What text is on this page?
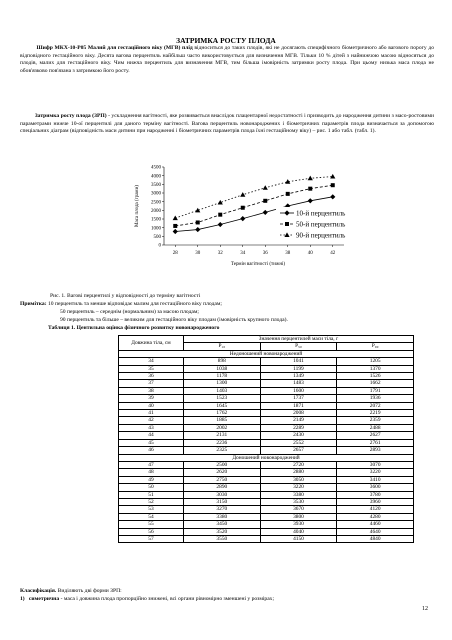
ЗАТРИМКА РОСТУ ПЛОДА
Шифр МКХ-10-Р05 Малий для гестаційного віку (МГВ) плід відноситься до таких плодів, які не досягають специфічного біометричного або вагового порогу до відповідного гестаційного віку. Десята вагова перцентиль найбільш часто використовується для визначення МГВ. Тільки 10 % дітей з найнижчою масою відносяться до плодів, малих для гестаційного віку. Чим нижча перцентиль для визначення МГВ, тим більша імовірність затримки росту плода. При цьому низька маса плода не обов'язково пов'язана з затримкою його росту.
Затримка росту плода (ЗРП) - ускладнення вагітності, яке розвивається внаслідок плацентарної недостатності і призводить до народження дитини з масо-ростовими параметрами нижче 10-ої перцентилі для даного терміну вагітності. Вагова перцентиль новонароджених і біометричних параметрів плода визначається за допомогою спеціальних діаграм (відповідність маси дитини при народженні і біометричних параметрів плода їхні гестаційному віку) – рис. 1 або табл. (табл. 1).
0
500
1000
1500
2000
2500
3000
3500
4000
4500
28	30	32	34	36	38	40	42
Маса плода (грами)
Термін вагітності (тижні)
10-й перцентиль
50-й перцентиль
90-й перцентиль
Рис. 1. Вагові перцентилі у відповідності до терміну вагітності
Примітка: 10 перцентиль та менше відповідає малим для гестаційного віку плодам;
50 перцентиль – середнім (нормальним) за масою плодам;
90 перцентиль та більше – великим для гестаційного віку плодам (імовірність крупного плода).
Таблиця 1. Центильна оцінка фізичного розвитку новонародженого
Довжина тіла, см	Значення перцентилей маси тіла, г		
	P₁₀	P₅₀	P₉₀
Недоношений новонароджений			
34	898	1041	1205
35	1038	1199	1370
36	1178	1349	1526
37	1300	1483	1662
38	1403	1600	1791
39	1523	1737	1936
40	1645	1871	2072
41	1762	2008	2219
42	1885	2149	2359
43	2002	2289	2488
44	2131	2430	2627
45	2236	2552	2761
46	2325	2657	2893
Доношений новонароджений			
47	2500	2720	3070
48	2620	2880	3220
49	2750	3050	3410
50	2890	3220	3600
51	3030	3380	3780
52	3150	3530	3960
53	3270	3670	4120
54	3380	3800	4280
55	3450	3930	4460
56	3520	4040	4640
57	3550	4150	4840
Класифікація. Виділяють дві форми ЗРП:
1) симетрична - маса і довжина плода пропорційно знижені, всі органи рівномірно зменшені у розмірах;
12
